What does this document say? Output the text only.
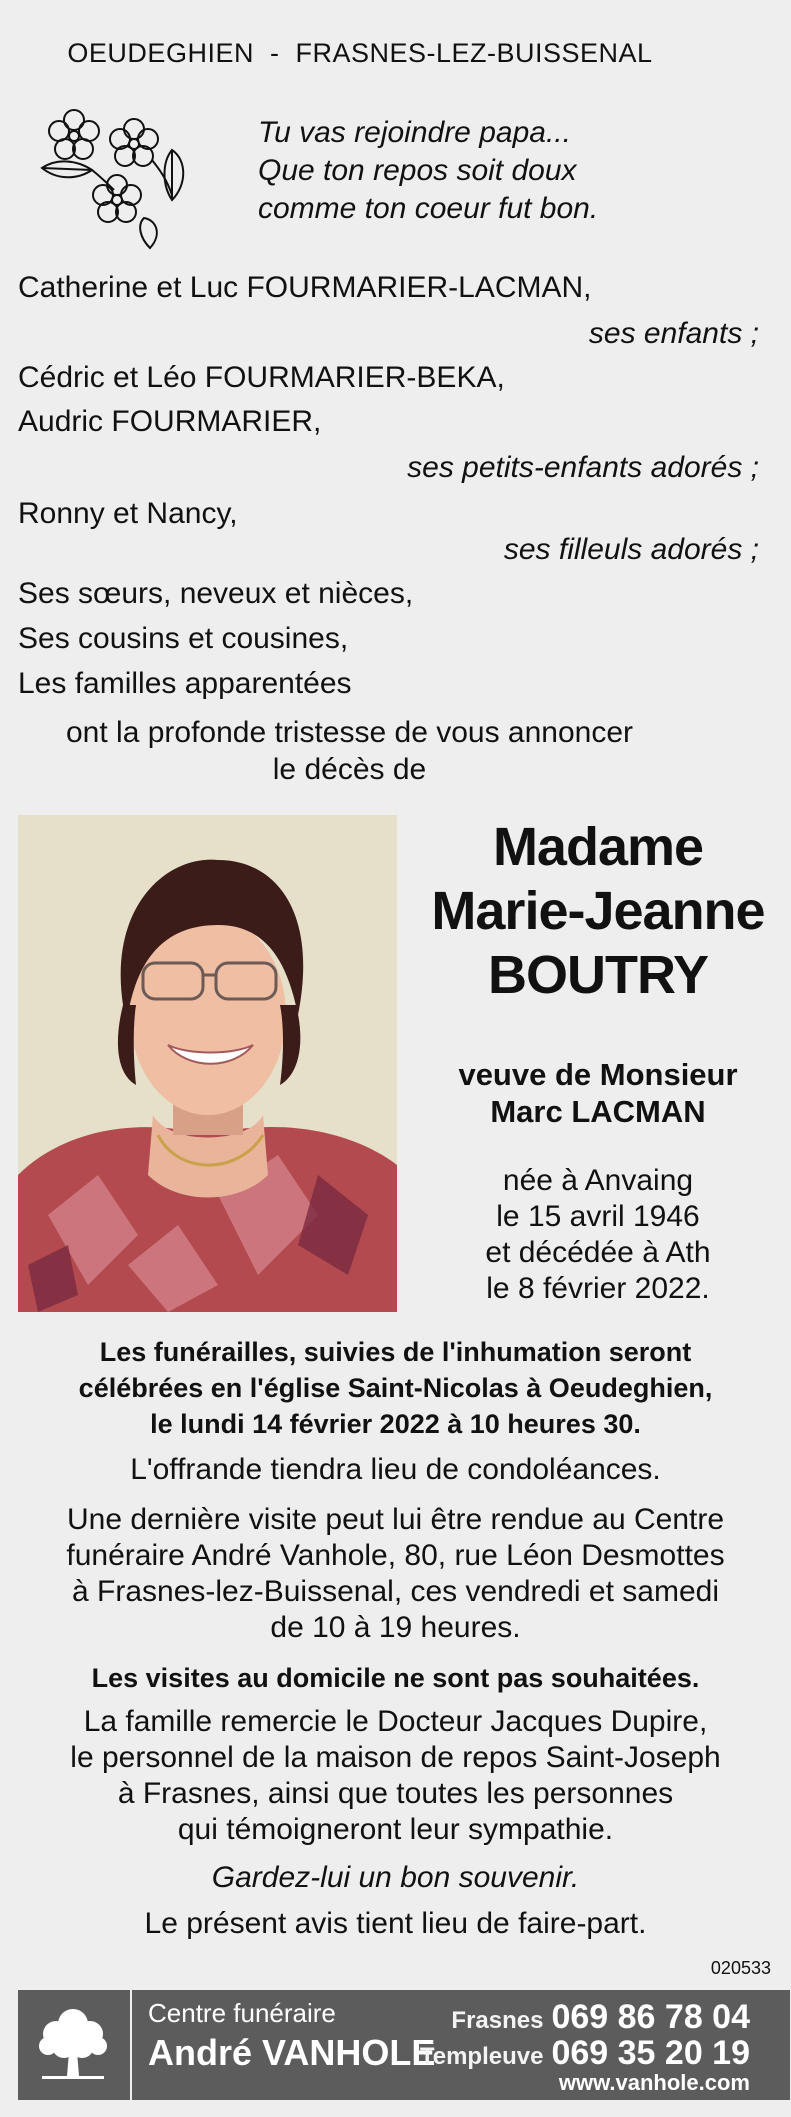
OEUDEGHIEN - FRASNES-LEZ-BUISSENAL
Tu vas rejoindre papa...
Que ton repos soit doux
comme ton coeur fut bon.
Catherine et Luc FOURMARIER-LACMAN,
ses enfants ;
Cédric et Léo FOURMARIER-BEKA,
Audric FOURMARIER,
ses petits-enfants adorés ;
Ronny et Nancy,
ses filleuls adorés ;
Ses sœurs, neveux et nièces,
Ses cousins et cousines,
Les familles apparentées
ont la profonde tristesse de vous annoncer
le décès de
Madame
Marie-Jeanne
BOUTRY
veuve de Monsieur
Marc LACMAN
née à Anvaing
le 15 avril 1946
et décédée à Ath
le 8 février 2022.
Les funérailles, suivies de l'inhumation seront
célébrées en l'église Saint-Nicolas à Oeudeghien,
le lundi 14 février 2022 à 10 heures 30.
L'offrande tiendra lieu de condoléances.
Une dernière visite peut lui être rendue au Centre
funéraire André Vanhole, 80, rue Léon Desmottes
à Frasnes-lez-Buissenal, ces vendredi et samedi
de 10 à 19 heures.
Les visites au domicile ne sont pas souhaitées.
La famille remercie le Docteur Jacques Dupire,
le personnel de la maison de repos Saint-Joseph
à Frasnes, ainsi que toutes les personnes
qui témoigneront leur sympathie.
Gardez-lui un bon souvenir.
Le présent avis tient lieu de faire-part.
020533
Centre funéraire
André VANHOLE
Frasnes 069 86 78 04
Templeuve 069 35 20 19
www.vanhole.com
